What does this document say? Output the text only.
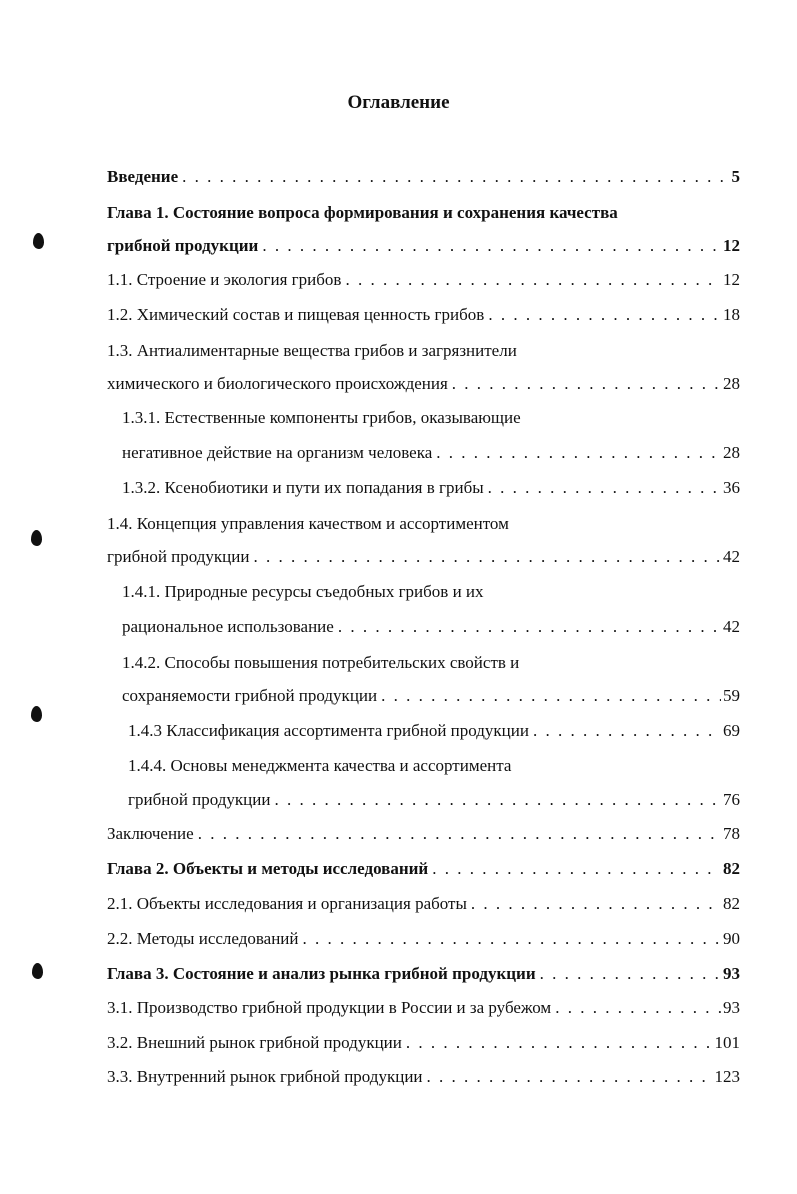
Оглавление
Введение . . .	5
Глава 1. Состояние вопроса формирования и сохранения качества
грибной продукции . . .	12
1.1. Строение и экология грибов . . .	12
1.2. Химический состав и пищевая ценность грибов . . .	18
1.3. Антиалиментарные вещества грибов и загрязнители
химического и биологического происхождения . . .	28
1.3.1. Естественные компоненты грибов, оказывающие
негативное действие на организм человека . . .	28
1.3.2. Ксенобиотики и пути их попадания в грибы . . .	36
1.4. Концепция управления качеством и ассортиментом
грибной продукции . . .	42
1.4.1. Природные ресурсы съедобных грибов и их
рациональное использование . . .	42
1.4.2. Способы повышения потребительских свойств и
сохраняемости грибной продукции . . .	59
1.4.3 Классификация ассортимента грибной продукции . . .	69
1.4.4. Основы менеджмента качества и ассортимента
грибной продукции . . .	76
Заключение . . .	78
Глава 2. Объекты и методы исследований . . .	82
2.1. Объекты исследования и организация работы . . .	82
2.2. Методы исследований . . .	90
Глава 3. Состояние и анализ рынка грибной продукции . . .	93
3.1. Производство грибной продукции в России и за рубежом . . .	93
3.2. Внешний рынок грибной продукции . . .	101
3.3. Внутренний рынок грибной продукции . . .	123
